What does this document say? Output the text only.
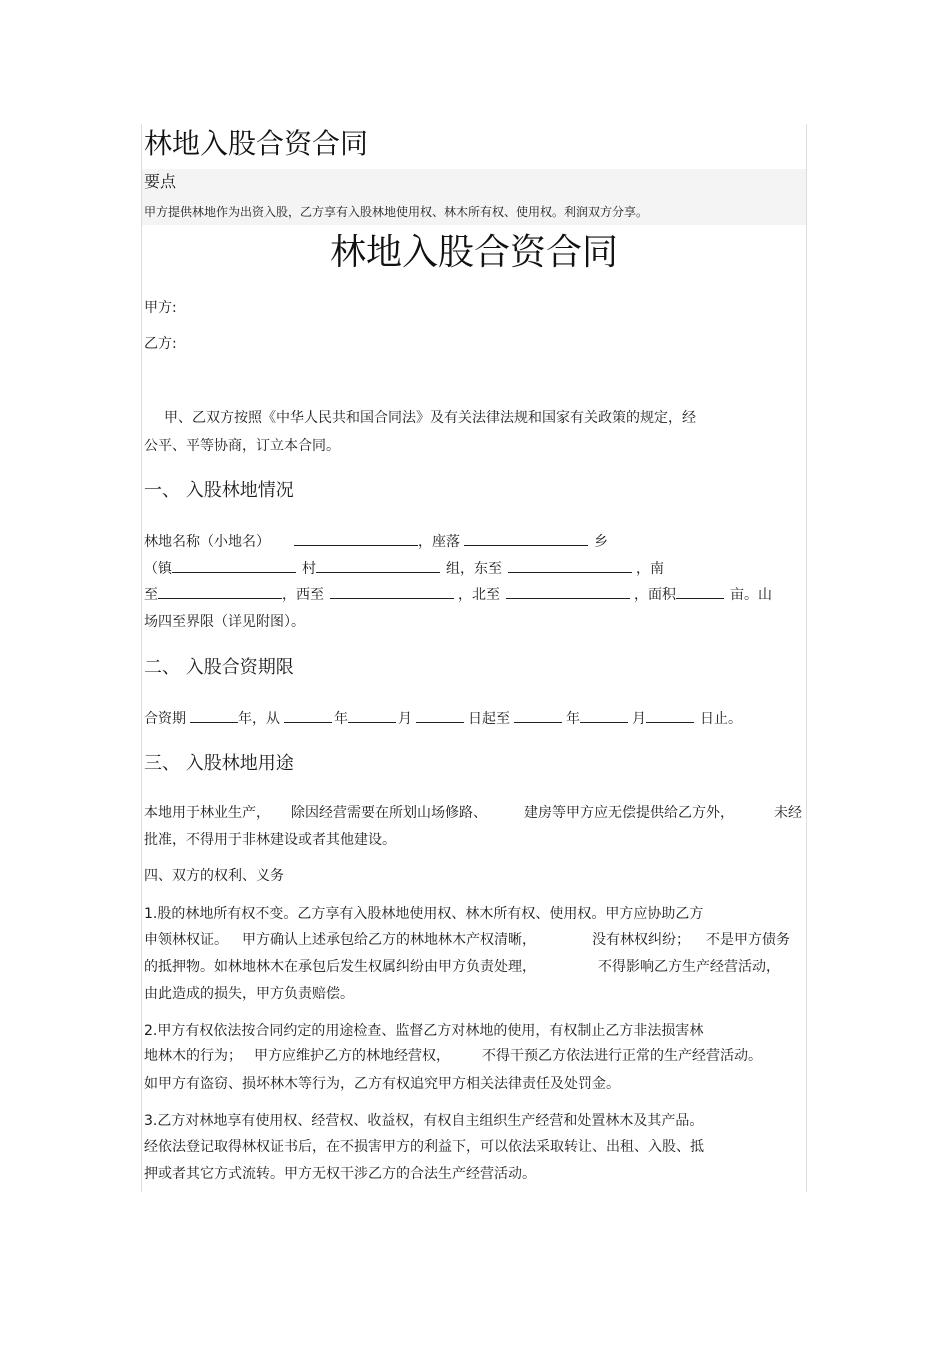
林地入股合资合同
要点
甲方提供林地作为出资入股，乙方享有入股林地使用权、林木所有权、使用权。利润双方分享。
林地入股合资合同
甲方:
乙方:
甲、乙双方按照《中华人民共和国合同法》及有关法律法规和国家有关政策的规定，经
公平、平等协商，订立本合同。
一、 入股林地情况
林地名称（小地名）	，座落	乡
（镇	村	组，东至	，南
至	，西至	，北至	，面积	亩。山
场四至界限（详见附图）。
二、 入股合资期限
合资期	年，从	年	月	日起至	年	月	日止。
三、 入股林地用途
本地用于林业生产， 除因经营需要在所划山场修路、	建房等甲方应无偿提供给乙方外，	未经
批准，不得用于非林建设或者其他建设。
四、双方的权利、义务
1.股的林地所有权不变。乙方享有入股林地使用权、林木所有权、使用权。甲方应协助乙方
申领林权证。 甲方确认上述承包给乙方的林地林木产权清晰，	没有林权纠纷； 不是甲方债务
的抵押物。如林地林木在承包后发生权属纠纷由甲方负责处理，	不得影响乙方生产经营活动，
由此造成的损失，甲方负责赔偿。
2.甲方有权依法按合同约定的用途检查、监督乙方对林地的使用，有权制止乙方非法损害林
地林木的行为； 甲方应维护乙方的林地经营权， 不得干预乙方依法进行正常的生产经营活动。
如甲方有盗窃、损坏林木等行为，乙方有权追究甲方相关法律责任及处罚金。
3.乙方对林地享有使用权、经营权、收益权，有权自主组织生产经营和处置林木及其产品。
经依法登记取得林权证书后，在不损害甲方的利益下，可以依法采取转让、出租、入股、抵
押或者其它方式流转。甲方无权干涉乙方的合法生产经营活动。
